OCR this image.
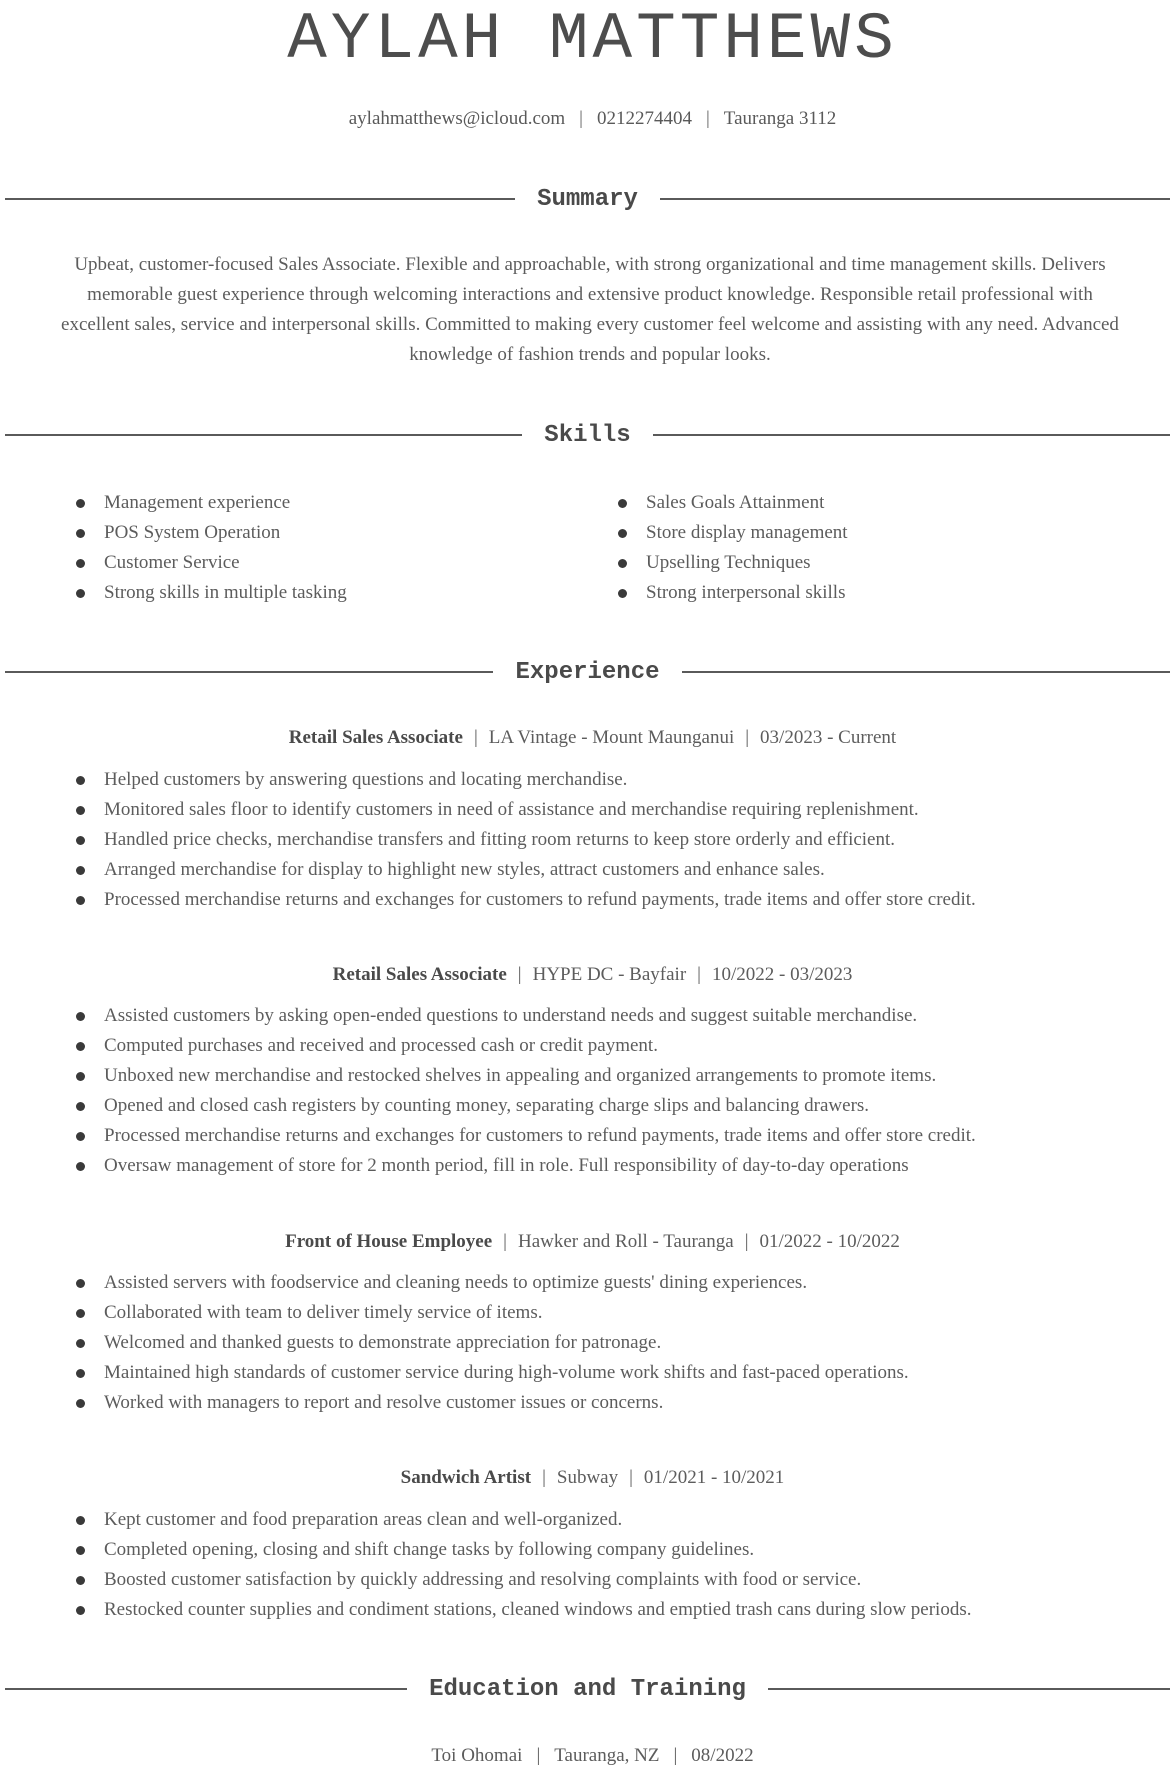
AYLAH MATTHEWS
aylahmatthews@icloud.com | 0212274404 | Tauranga 3112
Summary

Upbeat, customer-focused Sales Associate. Flexible and approachable, with strong organizational and time management skills. Delivers memorable guest experience through welcoming interactions and extensive product knowledge. Responsible retail professional with excellent sales, service and interpersonal skills. Committed to making every customer feel welcome and assisting with any need. Advanced knowledge of fashion trends and popular looks.

Skills
Management experience
POS System Operation
Customer Service
Strong skills in multiple tasking
Sales Goals Attainment
Store display management
Upselling Techniques
Strong interpersonal skills
Experience
Retail Sales Associate | LA Vintage - Mount Maunganui | 03/2023 - Current
Helped customers by answering questions and locating merchandise.
Monitored sales floor to identify customers in need of assistance and merchandise requiring replenishment.
Handled price checks, merchandise transfers and fitting room returns to keep store orderly and efficient.
Arranged merchandise for display to highlight new styles, attract customers and enhance sales.
Processed merchandise returns and exchanges for customers to refund payments, trade items and offer store credit.
Retail Sales Associate | HYPE DC - Bayfair | 10/2022 - 03/2023
Assisted customers by asking open-ended questions to understand needs and suggest suitable merchandise.
Computed purchases and received and processed cash or credit payment.
Unboxed new merchandise and restocked shelves in appealing and organized arrangements to promote items.
Opened and closed cash registers by counting money, separating charge slips and balancing drawers.
Processed merchandise returns and exchanges for customers to refund payments, trade items and offer store credit.
Oversaw management of store for 2 month period, fill in role. Full responsibility of day-to-day operations
Front of House Employee | Hawker and Roll - Tauranga | 01/2022 - 10/2022
Assisted servers with foodservice and cleaning needs to optimize guests' dining experiences.
Collaborated with team to deliver timely service of items.
Welcomed and thanked guests to demonstrate appreciation for patronage.
Maintained high standards of customer service during high-volume work shifts and fast-paced operations.
Worked with managers to report and resolve customer issues or concerns.
Sandwich Artist | Subway | 01/2021 - 10/2021
Kept customer and food preparation areas clean and well-organized.
Completed opening, closing and shift change tasks by following company guidelines.
Boosted customer satisfaction by quickly addressing and resolving complaints with food or service.
Restocked counter supplies and condiment stations, cleaned windows and emptied trash cans during slow periods.
Education and Training
Toi Ohomai | Tauranga, NZ | 08/2022
